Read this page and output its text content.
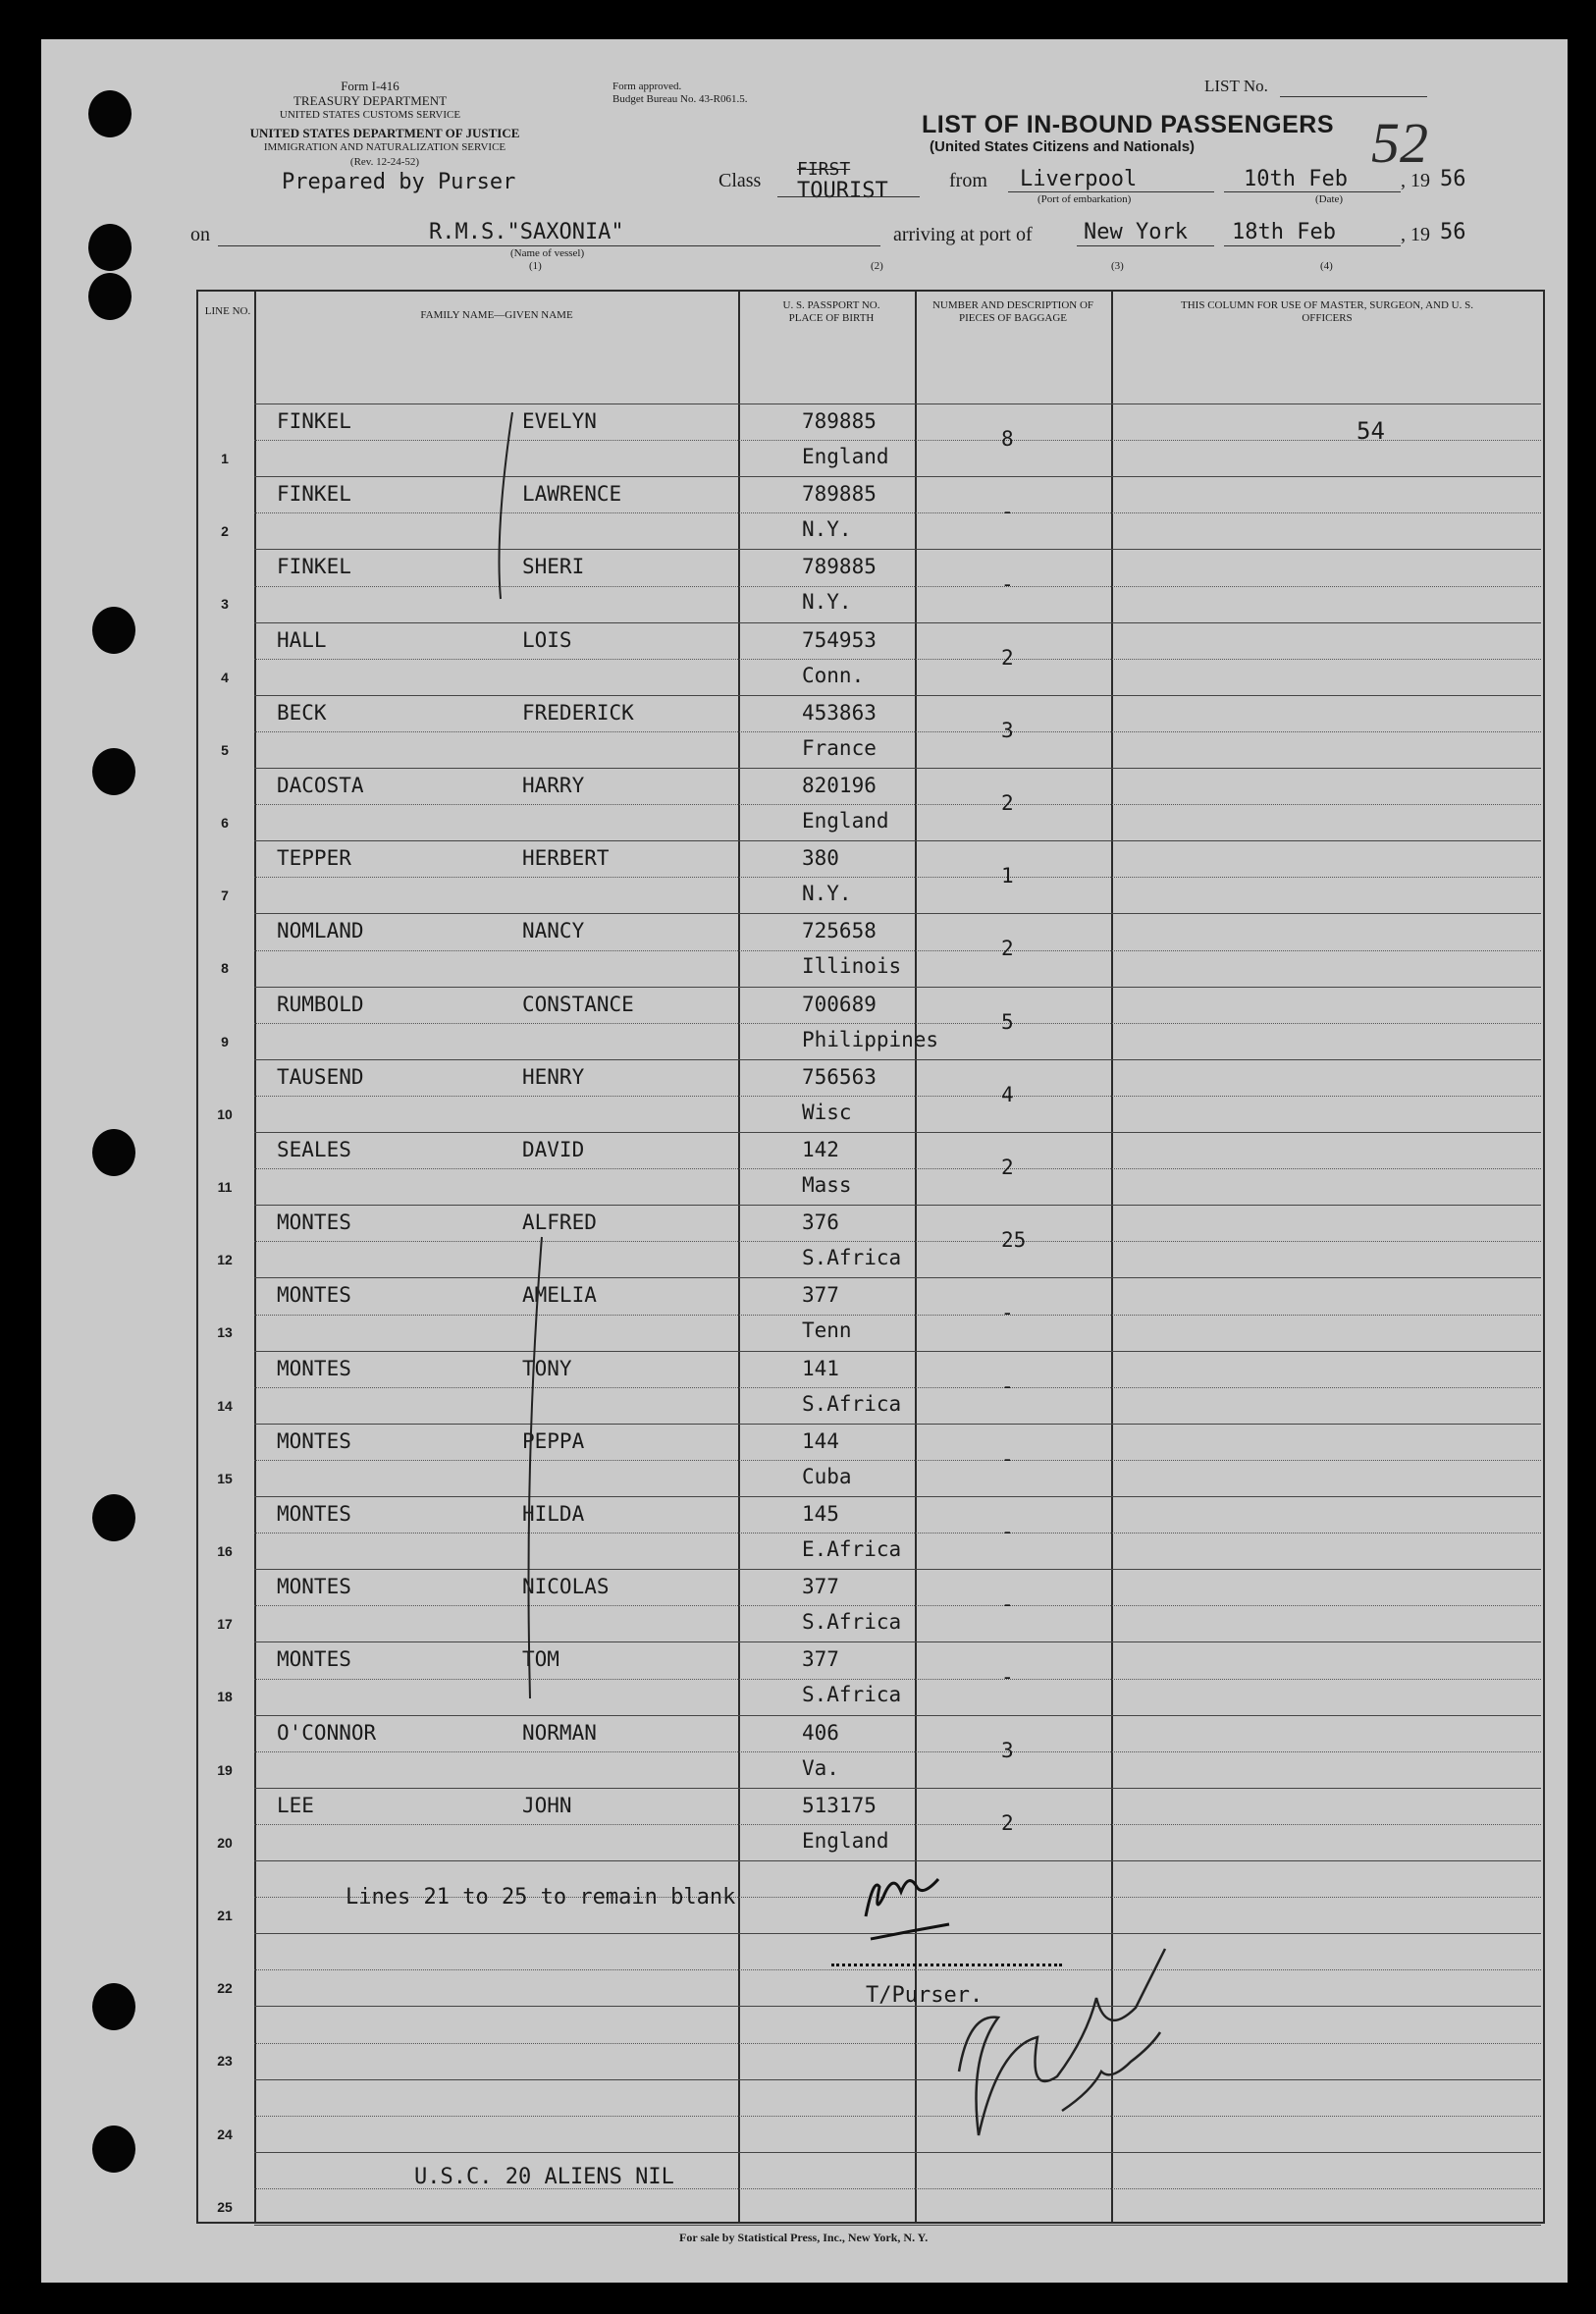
Form I-416
TREASURY DEPARTMENT
UNITED STATES CUSTOMS SERVICE
UNITED STATES DEPARTMENT OF JUSTICE
IMMIGRATION AND NATURALIZATION SERVICE
(Rev. 12-24-52)
Form approved.
Budget Bureau No. 43-R061.5.
LIST No.
52
LIST OF IN-BOUND PASSENGERS
(United States Citizens and Nationals)
Prepared by Purser	Class
FIRST
TOURIST	from Liverpool
(Port of embarkation)
10th Feb
(Date)
, 19 56
on	R.M.S."SAXONIA"
(Name of vessel)
(1)
arriving at port of
(2)
New York
(3)
18th Feb
(4)
, 19 56
LINE NO.	FAMILY NAME—GIVEN NAME
U. S. PASSPORT NO. PLACE OF BIRTH
NUMBER AND DESCRIPTION OF PIECES OF BAGGAGE
THIS COLUMN FOR USE OF MASTER, SURGEON, AND U. S. OFFICERS
1
FINKEL	EVELYN	789885
England
8	54
2
FINKEL	LAWRENCE	789885
N.Y.
-
3
FINKEL	SHERI	789885
N.Y.
-
4
HALL	LOIS	754953
Conn.
2
5
BECK	FREDERICK	453863
France
3
6
DACOSTA	HARRY	820196
England
2
7
TEPPER	HERBERT	380
N.Y.
1
8
NOMLAND	NANCY	725658
Illinois
2
9
RUMBOLD	CONSTANCE	700689
Philippines
5
10
TAUSEND	HENRY	756563
Wisc
4
11
SEALES	DAVID	142
Mass
2
12
MONTES	ALFRED	376
S.Africa
25
13
MONTES	AMELIA	377
Tenn
-
14
MONTES	TONY	141
S.Africa
-
15
MONTES	PEPPA	144
Cuba
-
16
MONTES	HILDA	145
E.Africa
-
17
MONTES	NICOLAS	377
S.Africa
-
18
MONTES	TOM	377
S.Africa
-
19
O'CONNOR	NORMAN	406
Va.
3
20
LEE	JOHN	513175
England
2
21
22
23
24
25
Lines 21 to 25 to remain blank
T/Purser.
U.S.C. 20 ALIENS NIL
For sale by Statistical Press, Inc., New York, N. Y.
